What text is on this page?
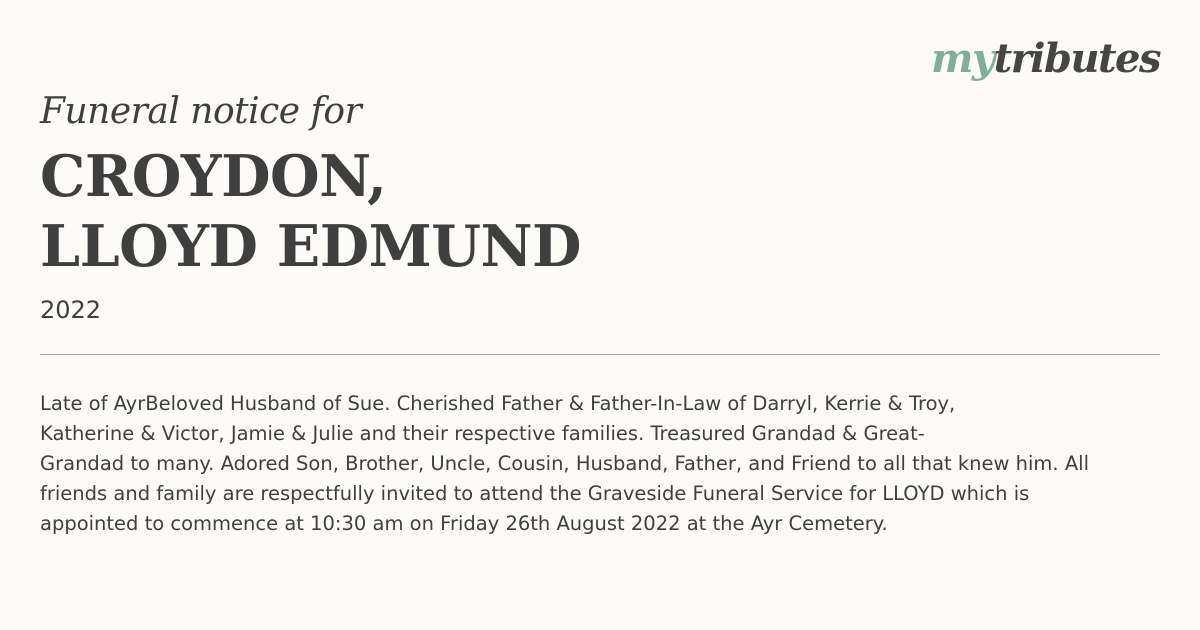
mytributes

Funeral notice for

CROYDON,
LLOYD EDMUND
2022
Late of AyrBeloved Husband of Sue. Cherished Father & Father-In-Law of Darryl, Kerrie & Troy,
Katherine & Victor, Jamie & Julie and their respective families. Treasured Grandad & Great-
Grandad to many. Adored Son, Brother, Uncle, Cousin, Husband, Father, and Friend to all that knew him. All
friends and family are respectfully invited to attend the Graveside Funeral Service for LLOYD which is
appointed to commence at 10:30 am on Friday 26th August 2022 at the Ayr Cemetery.
